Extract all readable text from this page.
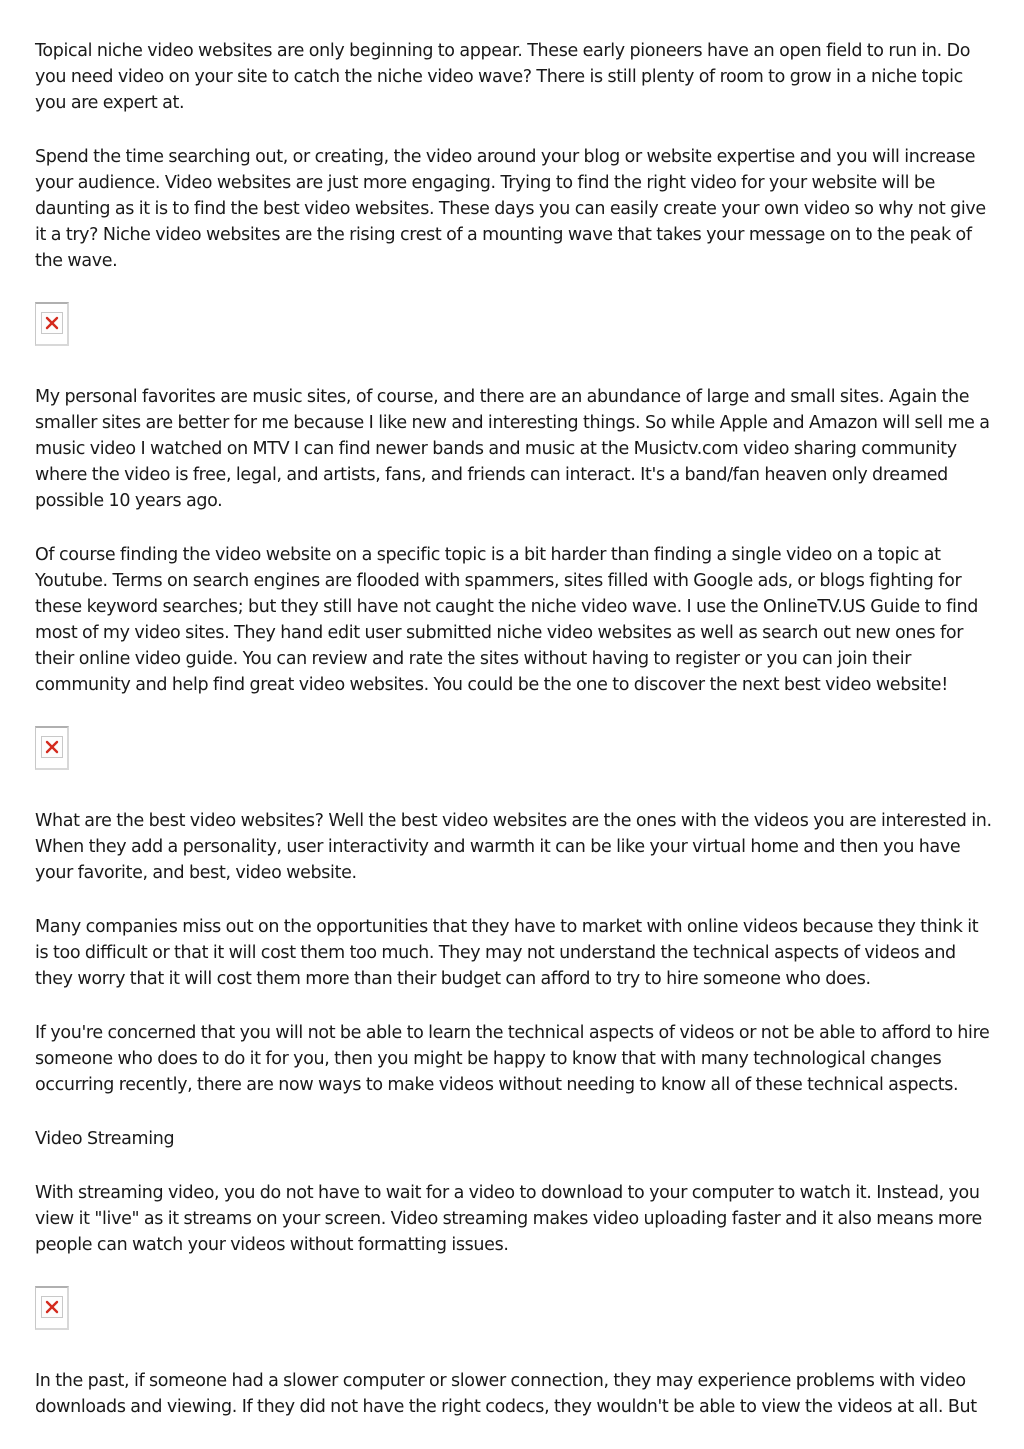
Topical niche video websites are only beginning to appear. These early pioneers have an open field to run in. Do you need video on your site to catch the niche video wave? There is still plenty of room to grow in a niche topic you are expert at.

Spend the time searching out, or creating, the video around your blog or website expertise and you will increase your audience. Video websites are just more engaging. Trying to find the right video for your website will be daunting as it is to find the best video websites. These days you can easily create your own video so why not give it a try? Niche video websites are the rising crest of a mounting wave that takes your message on to the peak of the wave.

My personal favorites are music sites, of course, and there are an abundance of large and small sites. Again the smaller sites are better for me because I like new and interesting things. So while Apple and Amazon will sell me a music video I watched on MTV I can find newer bands and music at the Musictv.com video sharing community where the video is free, legal, and artists, fans, and friends can interact. It's a band/fan heaven only dreamed possible 10 years ago.

Of course finding the video website on a specific topic is a bit harder than finding a single video on a topic at Youtube. Terms on search engines are flooded with spammers, sites filled with Google ads, or blogs fighting for these keyword searches; but they still have not caught the niche video wave. I use the OnlineTV.US Guide to find most of my video sites. They hand edit user submitted niche video websites as well as search out new ones for their online video guide. You can review and rate the sites without having to register or you can join their community and help find great video websites. You could be the one to discover the next best video website!

What are the best video websites? Well the best video websites are the ones with the videos you are interested in. When they add a personality, user interactivity and warmth it can be like your virtual home and then you have your favorite, and best, video website.

Many companies miss out on the opportunities that they have to market with online videos because they think it is too difficult or that it will cost them too much. They may not understand the technical aspects of videos and they worry that it will cost them more than their budget can afford to try to hire someone who does.

If you're concerned that you will not be able to learn the technical aspects of videos or not be able to afford to hire someone who does to do it for you, then you might be happy to know that with many technological changes occurring recently, there are now ways to make videos without needing to know all of these technical aspects.

Video Streaming

With streaming video, you do not have to wait for a video to download to your computer to watch it. Instead, you view it "live" as it streams on your screen. Video streaming makes video uploading faster and it also means more people can watch your videos without formatting issues.

In the past, if someone had a slower computer or slower connection, they may experience problems with video downloads and viewing. If they did not have the right codecs, they wouldn't be able to view the videos at all. But
